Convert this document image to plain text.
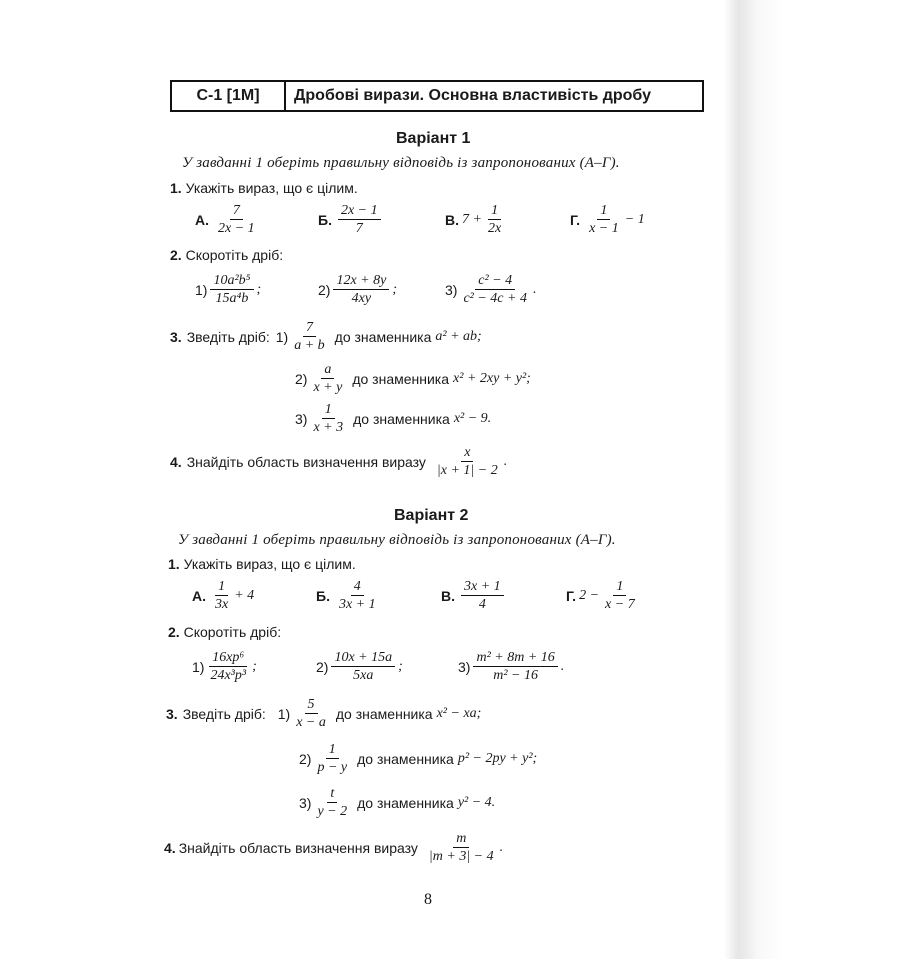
С-1 [1М]	Дробові вирази. Основна властивість дробу
Варіант 1
У завданні 1 оберіть правильну відповідь із запропонованих (А–Г).
1. Укажіть вираз, що є цілим.
А. $\frac{7}{2x - 1}$	Б. $\frac{2x - 1}{7}$	В. $7 + \frac{1}{2x}$	Г. $\frac{1}{x - 1} - 1$
2. Скоротіть дріб:
$1) \frac{\text{10a²b⁵}}{\text{15a⁴b}}$ ;	$2) \frac{12x + 8y}{4xy}$ ;	$3) \frac{\text{c² − 4}}{\text{c² − 4c + 4}}$ .
3. Зведіть дріб: $1) \frac{7}{a + b}$ до знаменника a² + ab;
$2) \frac{a}{x + y}$ до знаменника x² + 2xy + y²;
$3) \frac{1}{x + 3}$ до знаменника x² − 9.
4. Знайдіть область визначення виразу $\frac{x}{|x + 1| - 2}$ .
Варіант 2
У завданні 1 оберіть правильну відповідь із запропонованих (А–Г).
1. Укажіть вираз, що є цілим.
А. $\frac{1}{3x} + 4$	Б. $\frac{4}{3x + 1}$	В. $\frac{3x + 1}{4}$	Г. $2 - \frac{1}{x - 7}$
2. Скоротіть дріб:
$1) \frac{\text{16xp⁶}}{\text{24x³p³}}$ ;	$2) \frac{10x + 15a}{5xa}$ ;	$3) \frac{\text{m² + 8m + 16}}{\text{m² − 16}}$ .
3. Зведіть дріб: $1) \frac{5}{x - a}$ до знаменника x² − xa;
$2) \frac{1}{p - y}$ до знаменника p² − 2py + y²;
$3) \frac{t}{y - 2}$ до знаменника y² − 4.
4. Знайдіть область визначення виразу $\frac{m}{|m + 3| - 4}$ .
8
